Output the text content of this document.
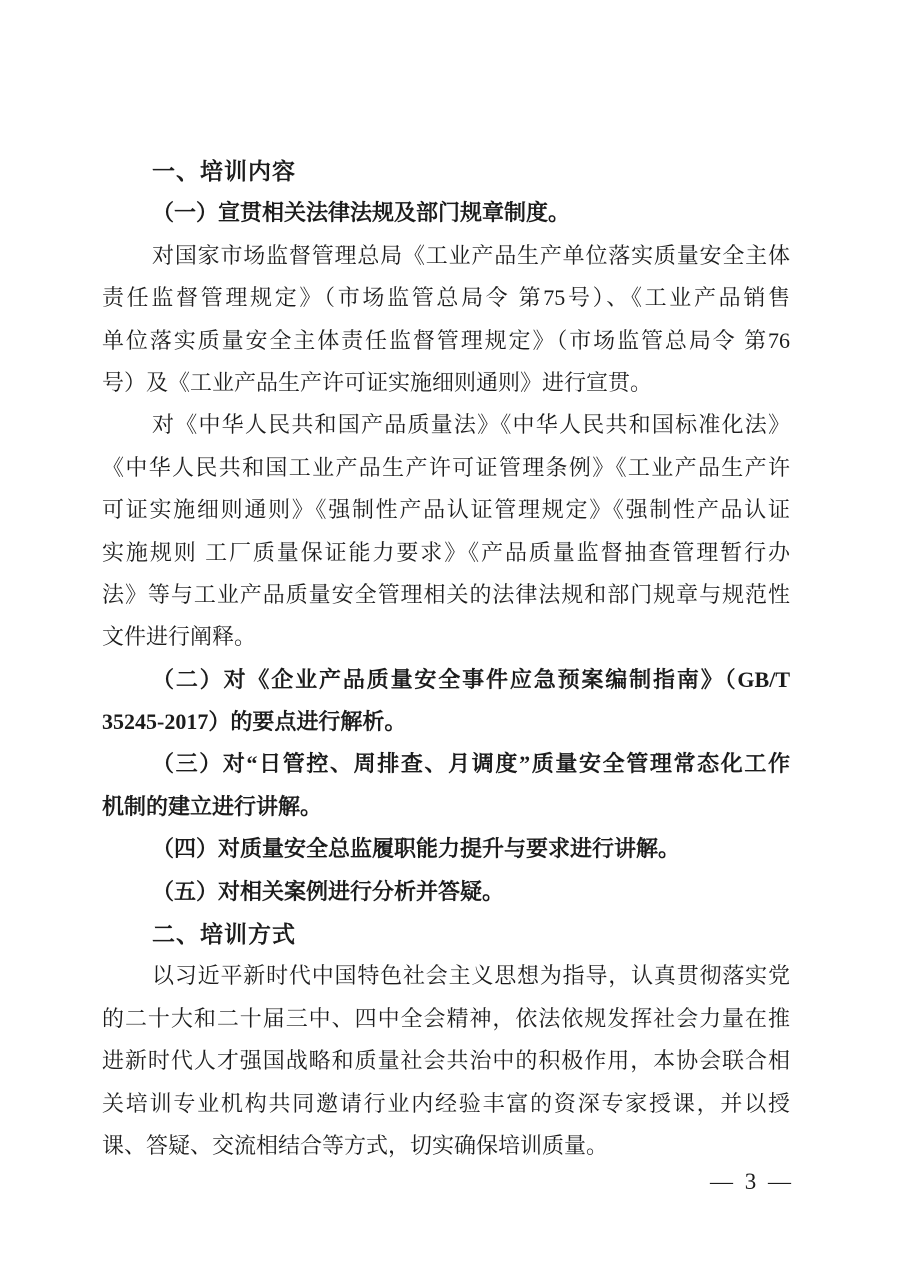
一、培训内容
（一）宣贯相关法律法规及部门规章制度。
对国家市场监督管理总局《工业产品生产单位落实质量安全主体
责任监督管理规定》（市场监管总局令 第75号）、《工业产品销售
单位落实质量安全主体责任监督管理规定》（市场监管总局令 第76
号）及《工业产品生产许可证实施细则通则》进行宣贯。
对《中华人民共和国产品质量法》《中华人民共和国标准化法》
《中华人民共和国工业产品生产许可证管理条例》《工业产品生产许
可证实施细则通则》《强制性产品认证管理规定》《强制性产品认证
实施规则 工厂质量保证能力要求》《产品质量监督抽查管理暂行办
法》等与工业产品质量安全管理相关的法律法规和部门规章与规范性
文件进行阐释。
（二）对《企业产品质量安全事件应急预案编制指南》（GB/T
35245-2017）的要点进行解析。
（三）对“日管控、周排查、月调度”质量安全管理常态化工作
机制的建立进行讲解。
（四）对质量安全总监履职能力提升与要求进行讲解。
（五）对相关案例进行分析并答疑。
二、培训方式
以习近平新时代中国特色社会主义思想为指导，认真贯彻落实党
的二十大和二十届三中、四中全会精神，依法依规发挥社会力量在推
进新时代人才强国战略和质量社会共治中的积极作用，本协会联合相
关培训专业机构共同邀请行业内经验丰富的资深专家授课，并以授
课、答疑、交流相结合等方式，切实确保培训质量。
— 3 —
